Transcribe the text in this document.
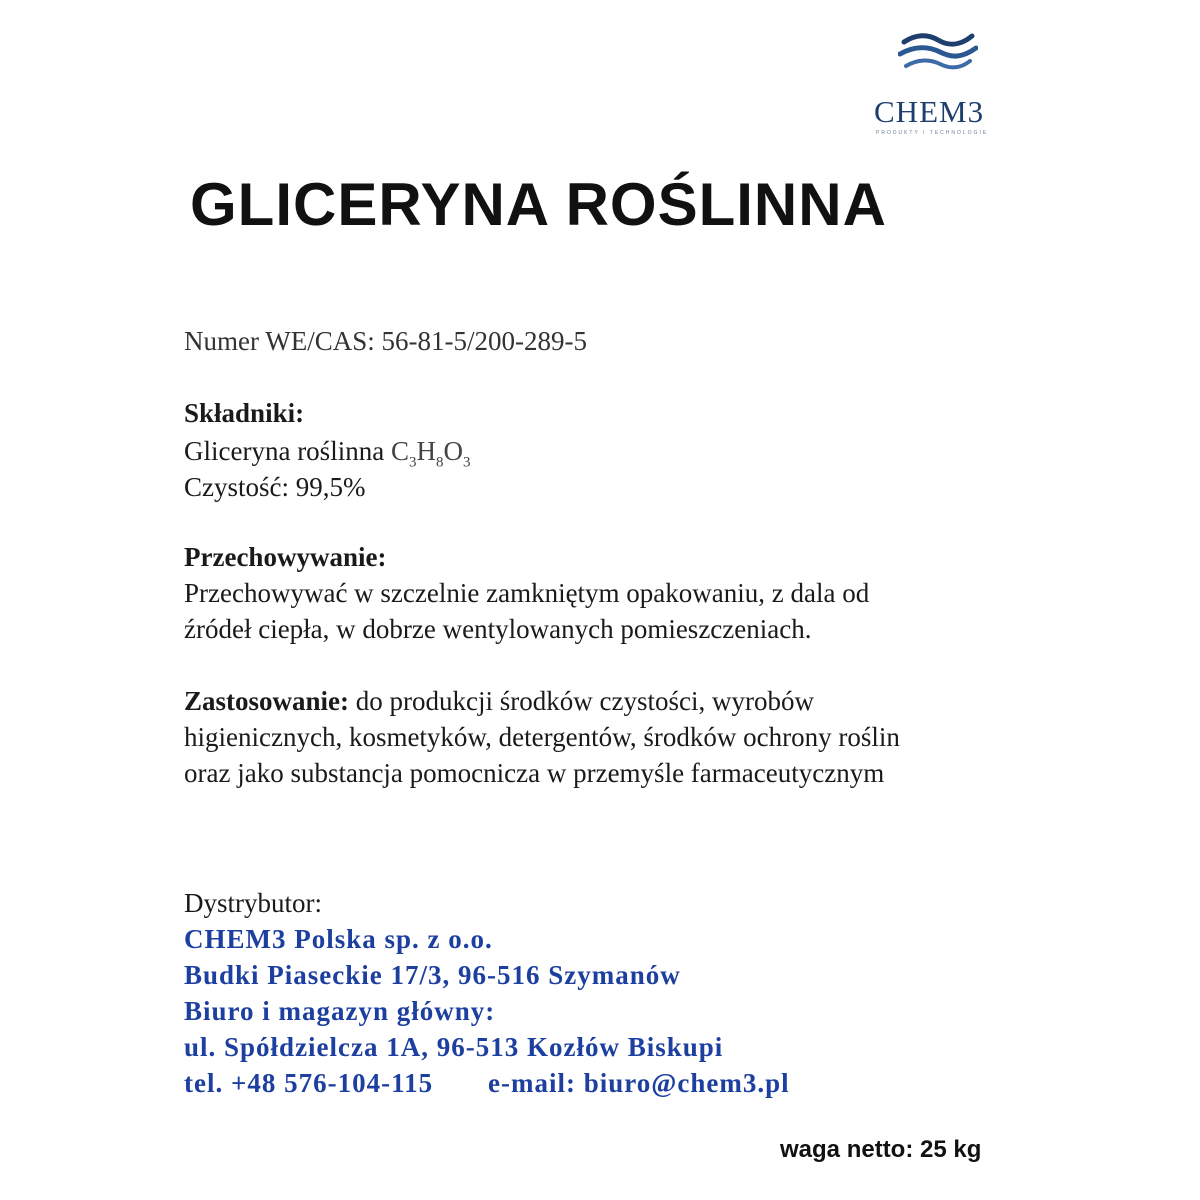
CHEM3
PRODUKTY I TECHNOLOGIE
GLICERYNA ROŚLINNA

Numer WE/CAS: 56-81-5/200-289-5

Składniki:

Gliceryna roślinna $C_3H_8O_3$

Czystość: 99,5%

Przechowywanie:

Przechowywać w szczelnie zamkniętym opakowaniu, z dala od

źródeł ciepła, w dobrze wentylowanych pomieszczeniach.

Zastosowanie: do produkcji środków czystości, wyrobów

higienicznych, kosmetyków, detergentów, środków ochrony roślin

oraz jako substancja pomocnicza w przemyśle farmaceutycznym

Dystrybutor:

CHEM3 Polska sp. z o.o.

Budki Piaseckie 17/3, 96-516 Szymanów

Biuro i magazyn główny:

ul. Spółdzielcza 1A, 96-513 Kozłów Biskupi

tel. +48 576-104-115 e-mail: biuro@chem3.pl

waga netto: 25 kg
